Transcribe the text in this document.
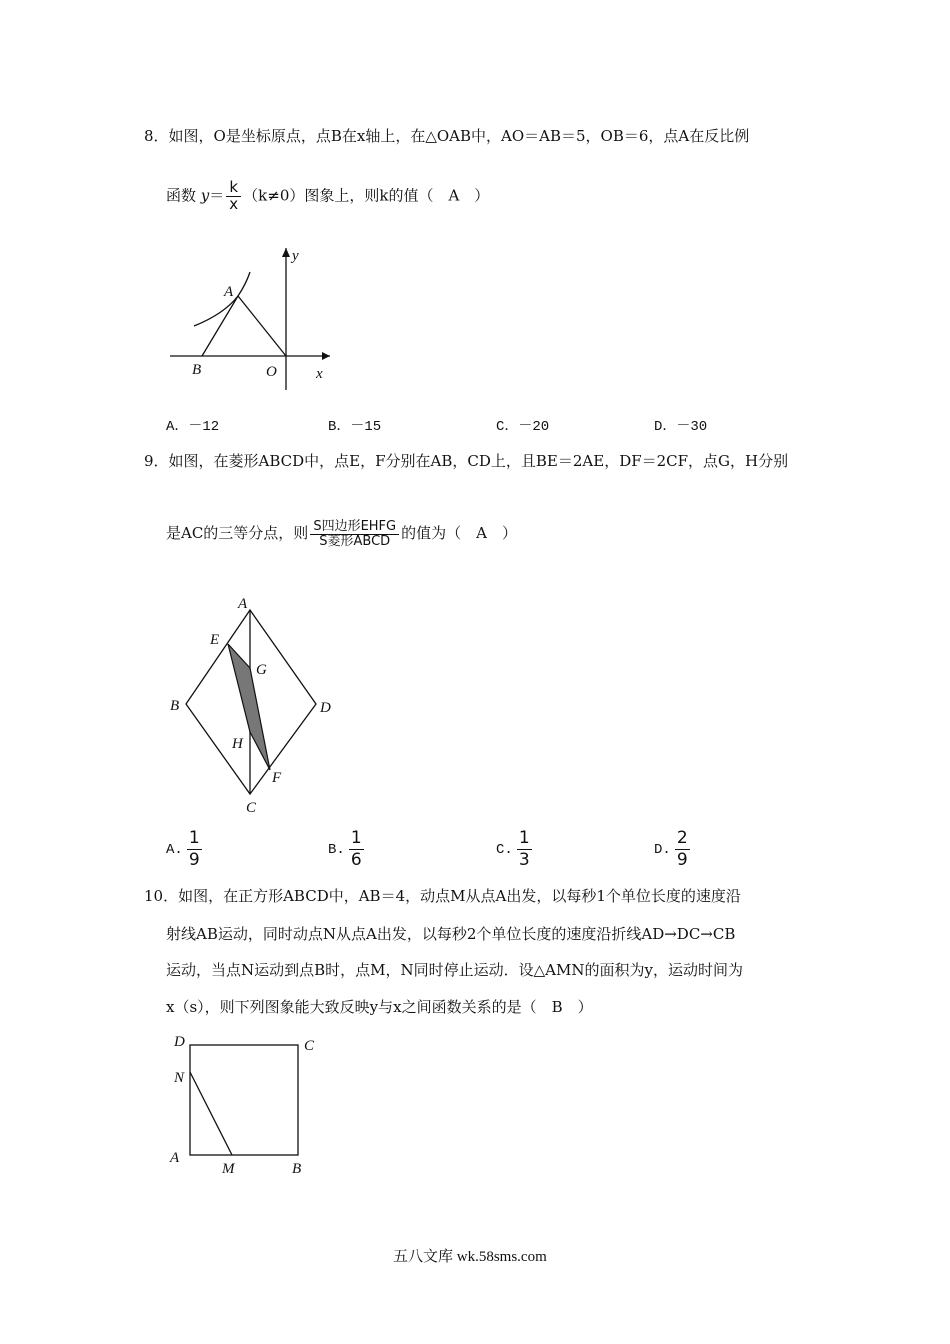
8．如图，O是坐标原点，点B在x轴上，在△OAB中，AO＝AB＝5，OB＝6，点A在反比例
函数 $y= \frac{k}{x} (k\ne 0)$图象上，则k的值（　A　）
y
x
A
B	O
A．－12	B．－15	C．－20	D．－30
9．如图，在菱形ABCD中，点E，F分别在AB，CD上，且BE＝2AE，DF＝2CF，点G，H分别
是AC的三等分点，则 $\frac{\text{S四边形EHFG}}{\text{S菱形ABCD}}$ 的值为（　A　）
A
B
C
D
E
F
G
H
A. $\frac{1}{9}$	B. $\frac{1}{6}$	C. $\frac{1}{3}$	D. $\frac{2}{9}$
10．如图，在正方形ABCD中，AB＝4，动点M从点A出发，以每秒1个单位长度的速度沿
射线AB运动，同时动点N从点A出发，以每秒2个单位长度的速度沿折线AD→DC→CB
运动，当点N运动到点B时，点M，N同时停止运动．设△AMN的面积为y，运动时间为
x（s），则下列图象能大致反映y与x之间函数关系的是（　B　）
D	C
N
A
M	B
五八文库 wk.58sms.com
